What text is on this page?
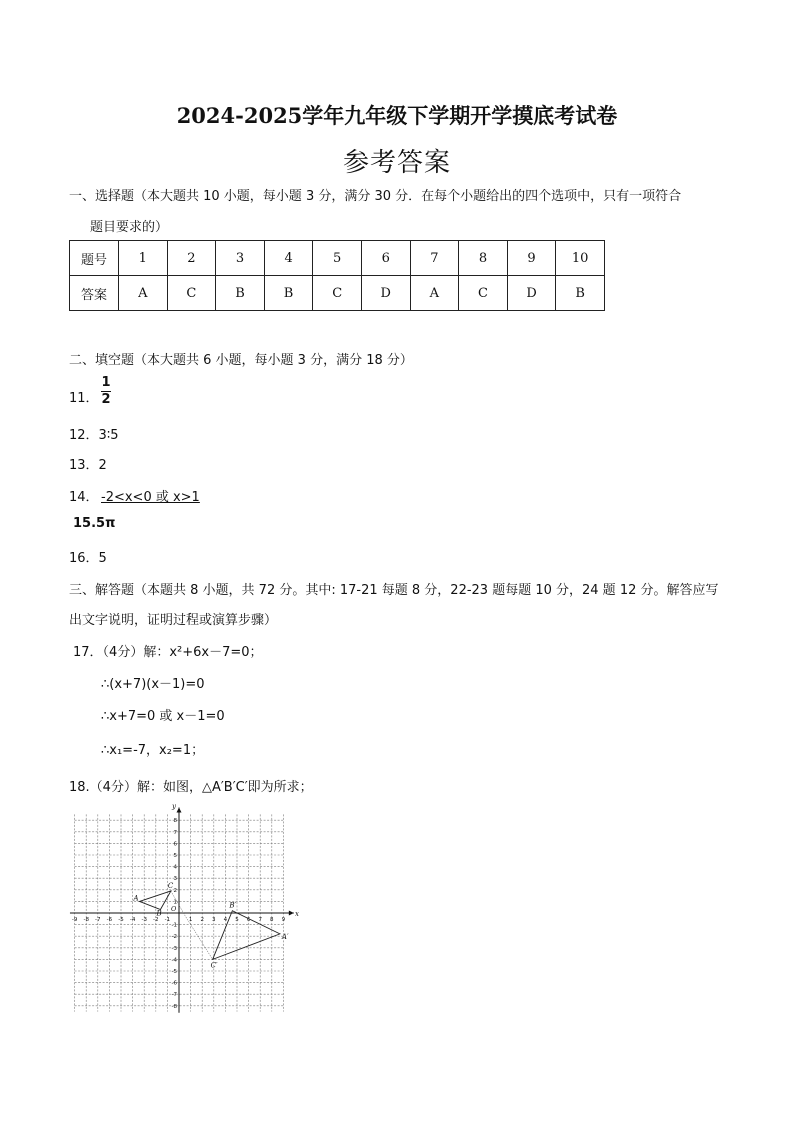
2024-2025学年九年级下学期开学摸底考试卷
参考答案
一、选择题（本大题共 10 小题，每小题 3 分，满分 30 分．在每个小题给出的四个选项中，只有一项符合
题目要求的）
题号	1	2	3	4	5	6	7	8	9	10
答案	A	C	B	B	C	D	A	C	D	B
二、填空题（本大题共 6 小题，每小题 3 分，满分 18 分）
11．
1
2
12．3∶5
13．2
14． -2<x<0 或 x>1
15.5π
16．5
三、解答题（本题共 8 小题，共 72 分。其中: 17-21 每题 8 分，22-23 题每题 10 分，24 题 12 分。解答应写
出文字说明，证明过程或演算步骤）
17．（4分）解：x²+6x－7=0；
∴(x+7)(x－1)=0
∴x+7=0 或 x－1=0
∴x₁=-7，x₂=1；
18.（4分）解：如图，△A′B′C′即为所求；
x
y
O
-9 -8 -7 -6 -5 -4 -3 -2 -1	1 2 3 4 5 6 7 8 9
8
7
6
5
4
3
2
1
-1
-2
-3
-4
-5
-6
-7
-8
A
B
C
A′
B′
C′
